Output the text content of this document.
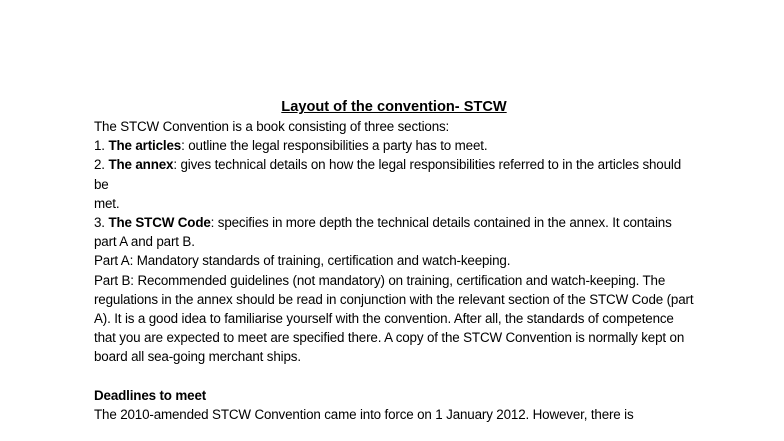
Layout of the convention- STCW

The STCW Convention is a book consisting of three sections:

1. The articles: outline the legal responsibilities a party has to meet.

2. The annex: gives technical details on how the legal responsibilities referred to in the articles should be

met.

3. The STCW Code: specifies in more depth the technical details contained in the annex. It contains part A and part B.

Part A: Mandatory standards of training, certification and watch-keeping.

Part B: Recommended guidelines (not mandatory) on training, certification and watch-keeping. The regulations in the annex should be read in conjunction with the relevant section of the STCW Code (part A). It is a good idea to familiarise yourself with the convention. After all, the standards of competence that you are expected to meet are specified there. A copy of the STCW Convention is normally kept on board all sea-going merchant ships.

Deadlines to meet

The 2010-amended STCW Convention came into force on 1 January 2012. However, there is
